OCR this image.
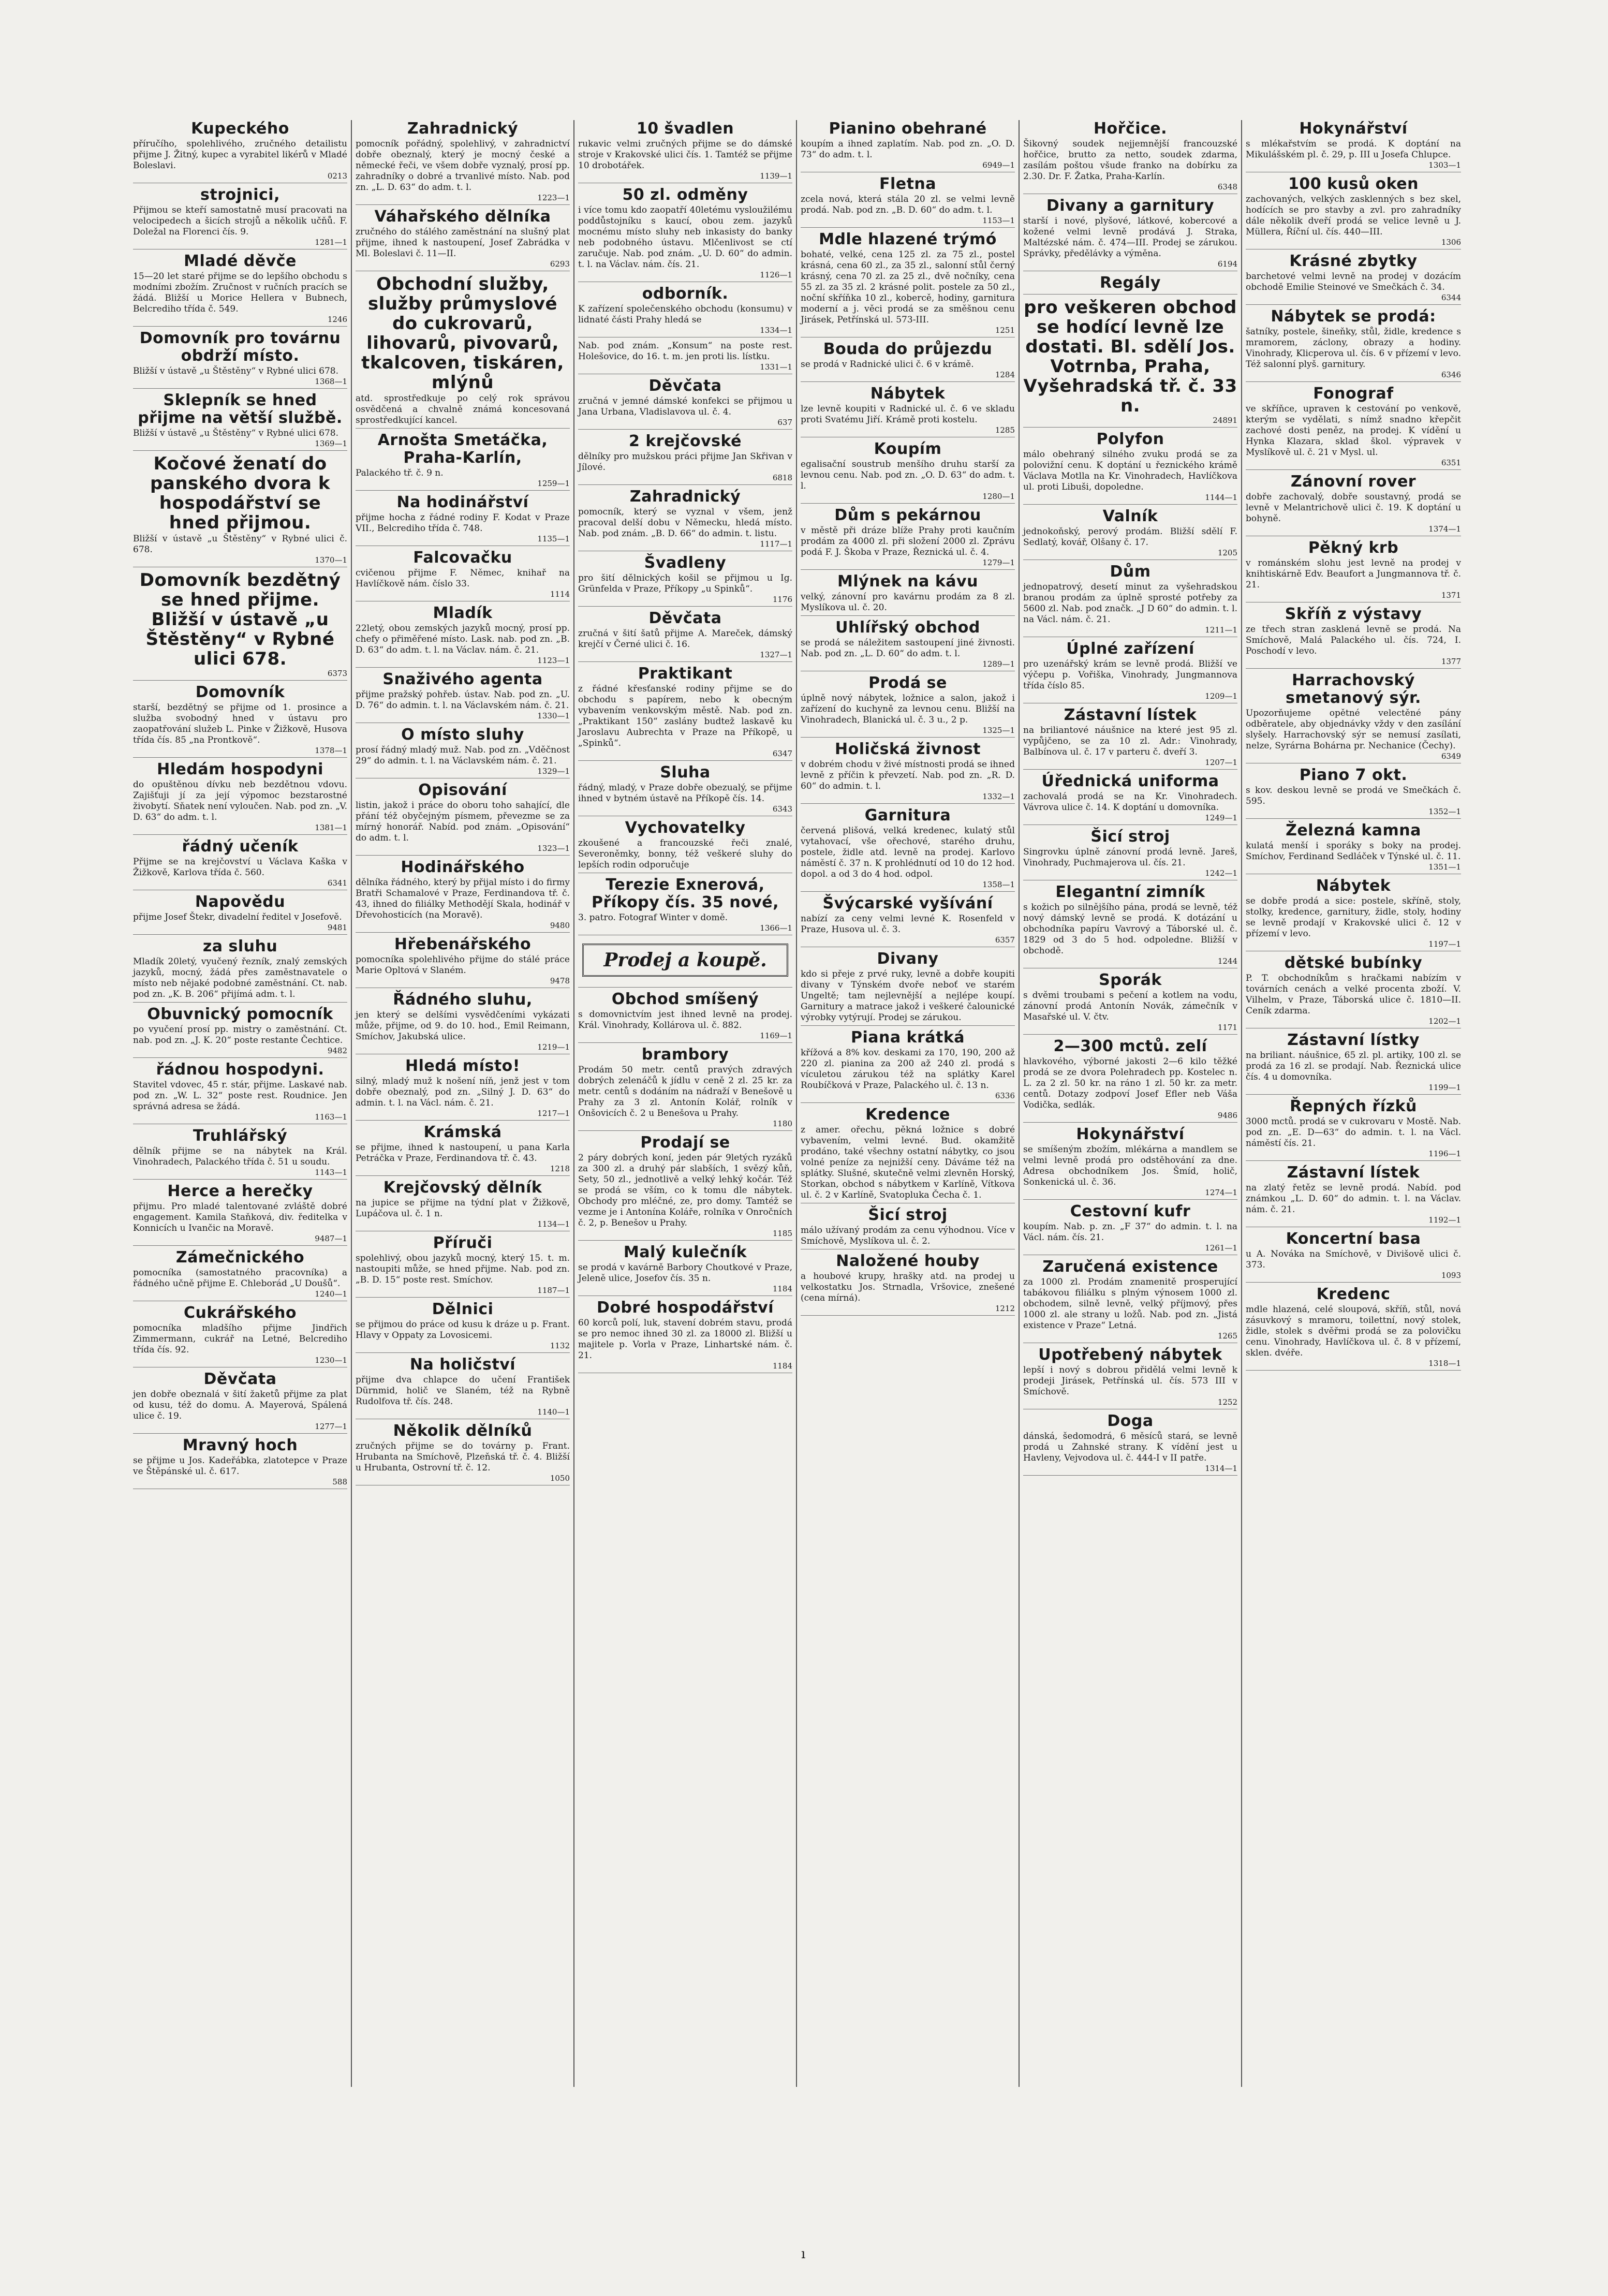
Kupeckého
příručího, spolehlivého, zručného detailistu přijme J. Žitný, kupec a vyrabitel likérů v Mladé Boleslavi.
0213
strojnici,
Přijmou se kteří samostatně musí pracovati na velocipedech a šicích strojů a několik učňů. F. Doležal na Florenci čís. 9.
1281—1
Mladé děvče
15—20 let staré přijme se do lepšího obchodu s modními zbožím. Zručnost v ručních pracích se žádá. Bližší u Morice Hellera v Bubnech, Belcrediho třída č. 549.
1246
Domovník pro továrnu obdrží místo.
Bližší v ústavě „u Štěstěny“ v Rybné ulici 678.
1368—1
Sklepník se hned přijme na větší službě.
Bližší v ústavě „u Štěstěny“ v Rybné ulici 678.
1369—1
Kočové ženatí do panského dvora k hospodářství se hned přijmou.
Bližší v ústavě „u Štěstěny“ v Rybné ulici č. 678.
1370—1
Domovník bezdětný se hned přijme. Bližší v ústavě „u Štěstěny“ v Rybné ulici 678.
6373
Domovník
starší, bezdětný se přijme od 1. prosince a služba svobodný hned v ústavu pro zaopatřování služeb L. Pinke v Žižkově, Husova třída čís. 85 „na Prontkově“.
1378—1
Hledám hospodyni
do opuštěnou dívku neb bezdětnou vdovu. Zajišťuji jí za její výpomoc bezstarostné živobytí. Sňatek není vyloučen. Nab. pod zn. „V. D. 63“ do adm. t. l.
1381—1
řádný učeník
Přijme se na krejčovství u Václava Kaška v Žižkově, Karlova třída č. 560.
6341
Napovědu
přijme Josef Štekr, divadelní ředitel v Josefově.
9481
za sluhu
Mladík 20letý, vyučený řezník, znalý zemských jazyků, mocný, žádá přes zaměstnavatele o místo neb nějaké podobné zaměstnání. Ct. nab. pod zn. „K. B. 206“ přijímá adm. t. l.
Obuvnický pomocník
po vyučení prosí pp. mistry o zaměstnání. Ct. nab. pod zn. „J. K. 20“ poste restante Čechtice.
9482
řádnou hospodyni.
Stavitel vdovec, 45 r. stár, přijme. Laskavé nab. pod zn. „W. L. 32“ poste rest. Roudnice. Jen správná adresa se žádá.
1163—1
Truhlářský
dělník přijme se na nábytek na Král. Vinohradech, Palackého třída č. 51 u soudu.
1143—1
Herce a herečky
přijmu. Pro mladé talentované zvláště dobré engagement. Kamila Staňková, div. ředitelka v Konnicích u Ivančic na Moravě.
9487—1
Zámečnického
pomocníka (samostatného pracovníka) a řádného učně přijme E. Chleborád „U Doušů“.
1240—1
Cukrářského
pomocníka mladšího přijme Jindřich Zimmermann, cukrář na Letné, Belcrediho třída čís. 92.
1230—1
Děvčata
jen dobře obeznalá v šití žaketů přijme za plat od kusu, též do domu. A. Mayerová, Spálená ulice č. 19.
1277—1
Mravný hoch
se přijme u Jos. Kadeřábka, zlatotepce v Praze ve Štěpánské ul. č. 617.
588
Zahradnický
pomocník pořádný, spolehlivý, v zahradnictví dobře obeznalý, který je mocný české a německé řeči, ve všem dobře vyznalý, prosí pp. zahradníky o dobré a trvanlivé místo. Nab. pod zn. „L. D. 63“ do adm. t. l.
1223—1
Váhařského dělníka
zručného do stálého zaměstnání na slušný plat přijme, ihned k nastoupení, Josef Zabrádka v Ml. Boleslavi č. 11—II.
6293
Obchodní služby, služby průmyslové do cukrovarů, lihovarů, pivovarů, tkalcoven, tiskáren, mlýnů
atd. sprostředkuje po celý rok správou osvědčená a chvalně známá koncesovaná sprostředkující kancel.
Arnošta Smetáčka, Praha-Karlín,
Palackého tř. č. 9 n.
1259—1
Na hodinářství
přijme hocha z řádné rodiny F. Kodat v Praze VII., Belcrediho třída č. 748.
1135—1
Falcovačku
cvičenou přijme F. Němec, knihař na Havlíčkově nám. číslo 33.
1114
Mladík
22letý, obou zemských jazyků mocný, prosí pp. chefy o přiměřené místo. Lask. nab. pod zn. „B. D. 63“ do adm. t. l. na Václav. nám. č. 21.
1123—1
Snaživého agenta
přijme pražský pohřeb. ústav. Nab. pod zn. „U. D. 76“ do admin. t. l. na Václavském nám. č. 21.
1330—1
O místo sluhy
prosí řádný mladý muž. Nab. pod zn. „Vděčnost 29“ do admin. t. l. na Václavském nám. č. 21.
1329—1
Opisování
listin, jakož i práce do oboru toho sahající, dle přání též obyčejným písmem, převezme se za mírný honorář. Nabíd. pod znám. „Opisování“ do adm. t. l.
1323—1
Hodinářského
dělníka řádného, který by přijal místo i do firmy Bratři Schamalové v Praze, Ferdinandova tř. č. 43, ihned do filiálky Methodějí Skala, hodinář v Dřevohosticích (na Moravě).
9480
Hřebenářského
pomocníka spolehlivého přijme do stálé práce Marie Opltová v Slaném.
9478
Řádného sluhu,
jen který se delšími vysvědčeními vykázati může, přijme, od 9. do 10. hod., Emil Reimann, Smíchov, Jakubská ulice.
1219—1
Hledá místo!
silný, mladý muž k nošení níň, jenž jest v tom dobře obeznalý, pod zn. „Silný J. D. 63“ do admin. t. l. na Václ. nám. č. 21.
1217—1
Krámská
se přijme, ihned k nastoupení, u pana Karla Petráčka v Praze, Ferdinandova tř. č. 43.
1218
Krejčovský dělník
na jupice se přijme na týdní plat v Žižkově, Lupáčova ul. č. 1 n.
1134—1
Příruči
spolehlivý, obou jazyků mocný, který 15. t. m. nastoupiti může, se hned přijme. Nab. pod zn. „B. D. 15“ poste rest. Smíchov.
1187—1
Dělnici
se přijmou do práce od kusu k dráze u p. Frant. Hlavy v Oppaty za Lovosicemi.
1132
Na holičství
přijme dva chlapce do učení František Dürnmid, holič ve Slaném, též na Rybně Rudolfova tř. čís. 248.
1140—1
Několik dělníků
zručných přijme se do továrny p. Frant. Hrubanta na Smíchově, Plzeňská tř. č. 4. Bližší u Hrubanta, Ostrovní tř. č. 12.
1050
10 švadlen
rukavic velmi zručných přijme se do dámské stroje v Krakovské ulici čís. 1. Tamtéž se přijme 10 drobotářek.
1139—1
50 zl. odměny
i více tomu kdo zaopatří 40letému vysloužilému poddůstojníku s kaucí, obou zem. jazyků mocnému místo sluhy neb inkasisty do banky neb podobného ústavu. Mlčenlivost se ctí zaručuje. Nab. pod znám. „U. D. 60“ do admin. t. l. na Václav. nám. čís. 21.
1126—1
odborník.
K zařízení společenského obchodu (konsumu) v lidnaté části Prahy hledá se
1334—1
Nab. pod znám. „Konsum“ na poste rest. Holešovice, do 16. t. m. jen proti lis. lístku.
1331—1
Děvčata
zručná v jemné dámské konfekci se přijmou u Jana Urbana, Vladislavova ul. č. 4.
637
2 krejčovské
dělníky pro mužskou práci přijme Jan Skřivan v Jílové.
6818
Zahradnický
pomocník, který se vyznal v všem, jenž pracoval delší dobu v Německu, hledá místo. Nab. pod znám. „B. D. 66“ do admin. t. listu.
1117—1
Švadleny
pro šití dělnických košil se přijmou u Ig. Grünfelda v Praze, Příkopy „u Spinků“.
1176
Děvčata
zručná v šití šatů přijme A. Mareček, dámský krejčí v Černé ulici č. 16.
1327—1
Praktikant
z řádné křesťanské rodiny přijme se do obchodu s papírem, nebo k obecným vybavením venkovským městě. Nab. pod zn. „Praktikant 150“ zaslány budtež laskavě ku Jaroslavu Aubrechta v Praze na Příkopě, u „Spinků“.
6347
Sluha
řádný, mladý, v Praze dobře obezualý, se přijme ihned v bytném ústavě na Příkopě čís. 14.
6343
Vychovatelky
zkoušené a francouzské řeči znalé, Severoněmky, bonny, též veškeré sluhy do lepších rodin odporučuje
Terezie Exnerová, Příkopy čís. 35 nové,
3. patro. Fotograf Winter v domě.
1366—1
Prodej a koupě.
Obchod smíšený
s domovnictvím jest ihned levně na prodej. Král. Vinohrady, Kollárova ul. č. 882.
1169—1
brambory
Prodám 50 metr. centů pravých zdravých dobrých zelenáčů k jídlu v ceně 2 zl. 25 kr. za metr. centů s dodáním na nádraží v Benešově u Prahy za 3 zl. Antonín Kolář, rolník v Onšovicích č. 2 u Benešova u Prahy.
1180
Prodají se
2 páry dobrých koní, jeden pár 9letých ryzáků za 300 zl. a druhý pár slabších, 1 svězý kůň, Sety, 50 zl., jednotlivě a velký lehký kočár. Též se prodá se vším, co k tomu dle nábytek. Obchody pro mléčné, ze, pro domy. Tamtéž se vezme je i Antonína Koláře, rolníka v Onročních č. 2, p. Benešov u Prahy.
1185
Malý kulečník
se prodá v kavárně Barbory Choutkové v Praze, Jeleně ulice, Josefov čís. 35 n.
1184
Dobré hospodářství
60 korců polí, luk, stavení dobrém stavu, prodá se pro nemoc ihned 30 zl. za 18000 zl. Bližší u majitele p. Vorla v Praze, Linhartské nám. č. 21.
1184
Pianino obehrané
koupím a ihned zaplatím. Nab. pod zn. „O. D. 73“ do adm. t. l.
6949—1
Fletna
zcela nová, která stála 20 zl. se velmi levně prodá. Nab. pod zn. „B. D. 60“ do adm. t. l.
1153—1
Mdle hlazené trýmó
bohaté, velké, cena 125 zl. za 75 zl., postel krásná, cena 60 zl., za 35 zl., salonní stůl černý krásný, cena 70 zl. za 25 zl., dvě nočníky, cena 55 zl. za 35 zl. 2 krásné polit. postele za 50 zl., noční skříňka 10 zl., kobercě, hodiny, garnitura moderní a j. věci prodá se za směšnou cenu Jirásek, Petřínská ul. 573-III.
1251
Bouda do průjezdu
se prodá v Radnické ulici č. 6 v krámě.
1284
Nábytek
lze levně koupiti v Radnické ul. č. 6 ve skladu proti Svatému Jiří. Krámě proti kostelu.
1285
Koupím
egalisační soustrub menšího druhu starší za levnou cenu. Nab. pod zn. „O. D. 63“ do adm. t. l.
1280—1
Dům s pekárnou
v městě při dráze blíže Prahy proti kaučním prodám za 4000 zl. při složení 2000 zl. Zprávu podá F. J. Škoba v Praze, Řeznická ul. č. 4.
1279—1
Mlýnek na kávu
velký, zánovní pro kavárnu prodám za 8 zl. Myslíkova ul. č. 20.
Uhlířský obchod
se prodá se náležitem sastoupení jiné živnosti. Nab. pod zn. „L. D. 60“ do adm. t. l.
1289—1
Prodá se
úplně nový nábytek, ložnice a salon, jakož i zařízení do kuchyně za levnou cenu. Bližší na Vinohradech, Blanická ul. č. 3 u., 2 p.
1325—1
Holičská živnost
v dobrém chodu v živé místnosti prodá se ihned levně z příčin k převzetí. Nab. pod zn. „R. D. 60“ do admin. t. l.
1332—1
Garnitura
červená plišová, velká kredenec, kulatý stůl vytahovací, vše ořechové, starého druhu, postele, židle atd. levně na prodej. Karlovo náměstí č. 37 n. K prohlédnutí od 10 do 12 hod. dopol. a od 3 do 4 hod. odpol.
1358—1
Švýcarské vyšívání
nabízí za ceny velmi levné K. Rosenfeld v Praze, Husova ul. č. 3.
6357
Divany
kdo si přeje z prvé ruky, levně a dobře koupiti divany v Týnském dvoře neboť ve starém Ungeltě; tam nejlevnější a nejlépe koupí. Garnitury a matrace jakož i veškeré čalounické výrobky vytýrují. Prodej se zárukou.
Piana krátká
křížová a 8% kov. deskami za 170, 190, 200 až 220 zl. pianina za 200 až 240 zl. prodá s vículetou zárukou též na splátky Karel Roubíčková v Praze, Palackého ul. č. 13 n.
6336
Kredence
z amer. ořechu, pěkná ložnice s dobré vybavením, velmi levné. Bud. okamžitě prodáno, také všechny ostatní nábytky, co jsou volné peníze za nejnižší ceny. Dáváme též na splátky. Slušné, skutečně velmi zlevněn Horský, Storkan, obchod s nábytkem v Karlíně, Vítkova ul. č. 2 v Karlíně, Svatopluka Čecha č. 1.
Šicí stroj
málo užívaný prodám za cenu výhodnou. Více v Smíchově, Myslíkova ul. č. 2.
Naložené houby
a houbové krupy, hrašky atd. na prodej u velkostatku Jos. Strnadla, Vršovice, znešené (cena mírná).
1212
Hořčice.
Šikovný soudek nejjemnější francouzské hořčice, brutto za netto, soudek zdarma, zasílám poštou všude franko na dobírku za 2.30. Dr. F. Žatka, Praha-Karlín.
6348
Divany a garnitury
starší i nové, plyšové, látkové, kobercové a kožené velmi levně prodává J. Straka, Maltézské nám. č. 474—III. Prodej se zárukou. Správky, předělávky a výměna.
6194
Regály
pro veškeren obchod se hodící levně lze dostati. Bl. sdělí Jos. Votrnba, Praha, Vyšehradská tř. č. 33 n.
24891
Polyfon
málo obehraný silného zvuku prodá se za polovižní cenu. K doptání u řeznického krámě Václava Motlla na Kr. Vinohradech, Havlíčkova ul. proti Libuši, dopoledne.
1144—1
Valník
jednokoňský, perový prodám. Bližší sdělí F. Sedlatý, kovář, Olšany č. 17.
1205
Dům
jednopatrový, desetí minut za vyšehradskou branou prodám za úplně sprosté potřeby za 5600 zl. Nab. pod značk. „J D 60“ do admin. t. l. na Václ. nám. č. 21.
1211—1
Úplné zařízení
pro uzenářský krám se levně prodá. Bližší ve výčepu p. Vořiška, Vinohrady, Jungmannova třída číslo 85.
1209—1
Zástavní lístek
na briliantové náušnice na které jest 95 zl. vypůjčeno, se za 10 zl. Adr.: Vinohrady, Balbínova ul. č. 17 v parteru č. dveří 3.
1207—1
Úřednická uniforma
zachovalá prodá se na Kr. Vinohradech. Vávrova ulice č. 14. K doptání u domovníka.
1249—1
Šicí stroj
Singrovku úplně zánovní prodá levně. Jareš, Vinohrady, Puchmajerova ul. čís. 21.
1242—1
Elegantní zimník
s kožich po silnějšího pána, prodá se levně, též nový dámský levně se prodá. K dotázání u obchodníka papíru Vavrový a Táborské ul. č. 1829 od 3 do 5 hod. odpoledne. Bližší v obchodě.
1244
Sporák
s dvěmi troubami s pečení a kotlem na vodu, zánovní prodá Antonín Novák, zámečník v Masařské ul. V. čtv.
1171
2—300 mctů. zelí
hlavkového, výborné jakosti 2—6 kilo těžké prodá se ze dvora Polehradech pp. Kostelec n. L. za 2 zl. 50 kr. na ráno 1 zl. 50 kr. za metr. centů. Dotazy zodpoví Josef Efler neb Váša Vodička, sedlák.
9486
Hokynářství
se smíšeným zbožím, mlékárna a mandlem se velmi levně prodá pro odstěhování za dne. Adresa obchodníkem Jos. Šmíd, holič, Sonkenická ul. č. 36.
1274—1
Cestovní kufr
koupím. Nab. p. zn. „F 37“ do admin. t. l. na Václ. nám. čís. 21.
1261—1
Zaručená existence
za 1000 zl. Prodám znamenitě prosperující tabákovou filiálku s plným výnosem 1000 zl. obchodem, silně levně, velký příjmový, přes 1000 zl. ale strany u ložů. Nab. pod zn. „Jistá existence v Praze“ Letná.
1265
Upotřebený nábytek
lepší i nový s dobrou přidělá velmi levně k prodeji Jirásek, Petřínská ul. čís. 573 III v Smíchově.
1252
Doga
dánská, šedomodrá, 6 měsíců stará, se levně prodá u Zahnské strany. K vídění jest u Havleny, Vejvodova ul. č. 444-I v II patře.
1314—1
Hokynářství
s mlékařstvím se prodá. K doptání na Mikulášském pl. č. 29, p. III u Josefa Chlupce.
1303—1
100 kusů oken
zachovaných, velkých zasklenných s bez skel, hodících se pro stavby a zvl. pro zahradníky dále několik dveří prodá se velice levně u J. Müllera, Říční ul. čís. 440—III.
1306
Krásné zbytky
barchetové velmi levně na prodej v dozácím obchodě Emilie Steinové ve Smečkách č. 34.
6344
Nábytek se prodá:
šatníky, postele, šineňky, stůl, židle, kredence s mramorem, záclony, obrazy a hodiny. Vinohrady, Klicperova ul. čís. 6 v přízemí v levo. Též salonní plyš. garnitury.
6346
Fonograf
ve skříňce, upraven k cestování po venkově, kterým se vydělati, s nímž snadno křepčit zachové dosti peněz, na prodej. K vídění u Hynka Klazara, sklad škol. výpravek v Myslíkově ul. č. 21 v Mysl. ul.
6351
Zánovní rover
dobře zachovalý, dobře soustavný, prodá se levně v Melantrichově ulici č. 19. K doptání u bohyně.
1374—1
Pěkný krb
v románském slohu jest levně na prodej v knihtiskárně Edv. Beaufort a Jungmannova tř. č. 21.
1371
Skříň z výstavy
ze třech stran zasklená levně se prodá. Na Smíchově, Malá Palackého ul. čís. 724, I. Poschodí v levo.
1377
Harrachovský smetanový sýr.
Upozorňujeme opětné velectěné pány odběratele, aby objednávky vždy v den zasílání slyšely. Harrachovský sýr se nemusí zasílati, nelze, Syrárna Bohárna pr. Nechanice (Čechy).
6349
Piano 7 okt.
s kov. deskou levně se prodá ve Smečkách č. 595.
1352—1
Železná kamna
kulatá menší i sporáky s boky na prodej. Smíchov, Ferdinand Sedláček v Týnské ul. č. 11.
1351—1
Nábytek
se dobře prodá a sice: postele, skříně, stoly, stolky, kredence, garnitury, židle, stoly, hodiny se levně prodají v Krakovské ulici č. 12 v přízemí v levo.
1197—1
dětské bubínky
P. T. obchodníkům s hračkami nabízím v továrních cenách a velké procenta zboží. V. Vilhelm, v Praze, Táborská ulice č. 1810—II. Ceník zdarma.
1202—1
Zástavní lístky
na briliant. náušnice, 65 zl. pl. artiky, 100 zl. se prodá za 16 zl. se prodají. Nab. Řeznická ulice čís. 4 u domovníka.
1199—1
Řepných řízků
3000 mctů. prodá se v cukrovaru v Mostě. Nab. pod zn. „E. D—63“ do admin. t. l. na Václ. náměstí čís. 21.
1196—1
Zástavní lístek
na zlatý řetěz se levně prodá. Nabíd. pod známkou „L. D. 60“ do admin. t. l. na Václav. nám. č. 21.
1192—1
Koncertní basa
u A. Nováka na Smíchově, v Divišově ulici č. 373.
1093
Kredenc
mdle hlazená, celé sloupová, skříň, stůl, nová zásuvkový s mramoru, toilettní, nový stolek, židle, stolek s dvěřmi prodá se za polovičku cenu. Vinohrady, Havlíčkova ul. č. 8 v přízemí, sklen. dvéře.
1318—1
ı
